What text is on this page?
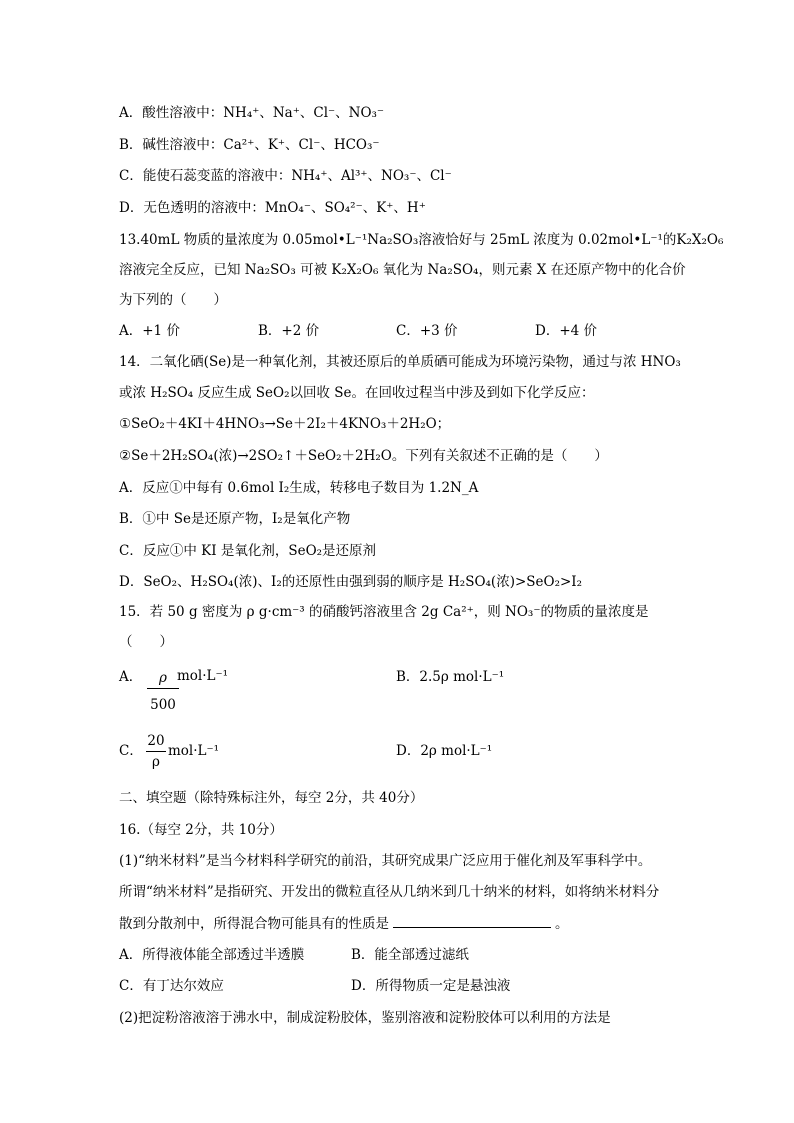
A．酸性溶液中：NH₄⁺、Na⁺、Cl⁻、NO₃⁻
B．碱性溶液中：Ca²⁺、K⁺、Cl⁻、HCO₃⁻
C．能使石蕊变蓝的溶液中：NH₄⁺、Al³⁺、NO₃⁻、Cl⁻
D．无色透明的溶液中：MnO₄⁻、SO₄²⁻、K⁺、H⁺
13.40mL 物质的量浓度为 0.05mol•L⁻¹Na₂SO₃溶液恰好与 25mL 浓度为 0.02mol•L⁻¹的K₂X₂O₆
溶液完全反应，已知 Na₂SO₃ 可被 K₂X₂O₆ 氧化为 Na₂SO₄，则元素 X 在还原产物中的化合价
为下列的（　　）
A．+1 价	B．+2 价	C．+3 价	D．+4 价
14．二氧化硒(Se)是一种氧化剂，其被还原后的单质硒可能成为环境污染物，通过与浓 HNO₃
或浓 H₂SO₄ 反应生成 SeO₂以回收 Se。在回收过程当中涉及到如下化学反应：
①SeO₂＋4KI＋4HNO₃→Se＋2I₂＋4KNO₃＋2H₂O；
②Se＋2H₂SO₄(浓)→2SO₂↑＋SeO₂＋2H₂O。下列有关叙述不正确的是（　　）
A．反应①中每有 0.6mol I₂生成，转移电子数目为 1.2N_A
B．①中 Se是还原产物，I₂是氧化产物
C．反应①中 KI 是氧化剂，SeO₂是还原剂
D．SeO₂、H₂SO₄(浓)、I₂的还原性由强到弱的顺序是 H₂SO₄(浓)>SeO₂>I₂
15．若 50 g 密度为 ρ g·cm⁻³ 的硝酸钙溶液里含 2g Ca²⁺，则 NO₃⁻的物质的量浓度是
（　　）
A． $\frac{\rho}{500}$
mol·L⁻¹	B．2.5ρ mol·L⁻¹
C． $\frac{20}{\rho} mol\cdot L^{-1}$	D．2ρ mol·L⁻¹
二、填空题（除特殊标注外，每空 2分，共 40分）
16.（每空 2分，共 10分）
(1)“纳米材料”是当今材料科学研究的前沿，其研究成果广泛应用于催化剂及军事科学中。
所谓“纳米材料”是指研究、开发出的微粒直径从几纳米到几十纳米的材料，如将纳米材料分
散到分散剂中，所得混合物可能具有的性质是	。
A．所得液体能全部透过半透膜	B．能全部透过滤纸
C．有丁达尔效应	D．所得物质一定是悬浊液
(2)把淀粉溶液溶于沸水中，制成淀粉胶体，鉴别溶液和淀粉胶体可以利用的方法是
